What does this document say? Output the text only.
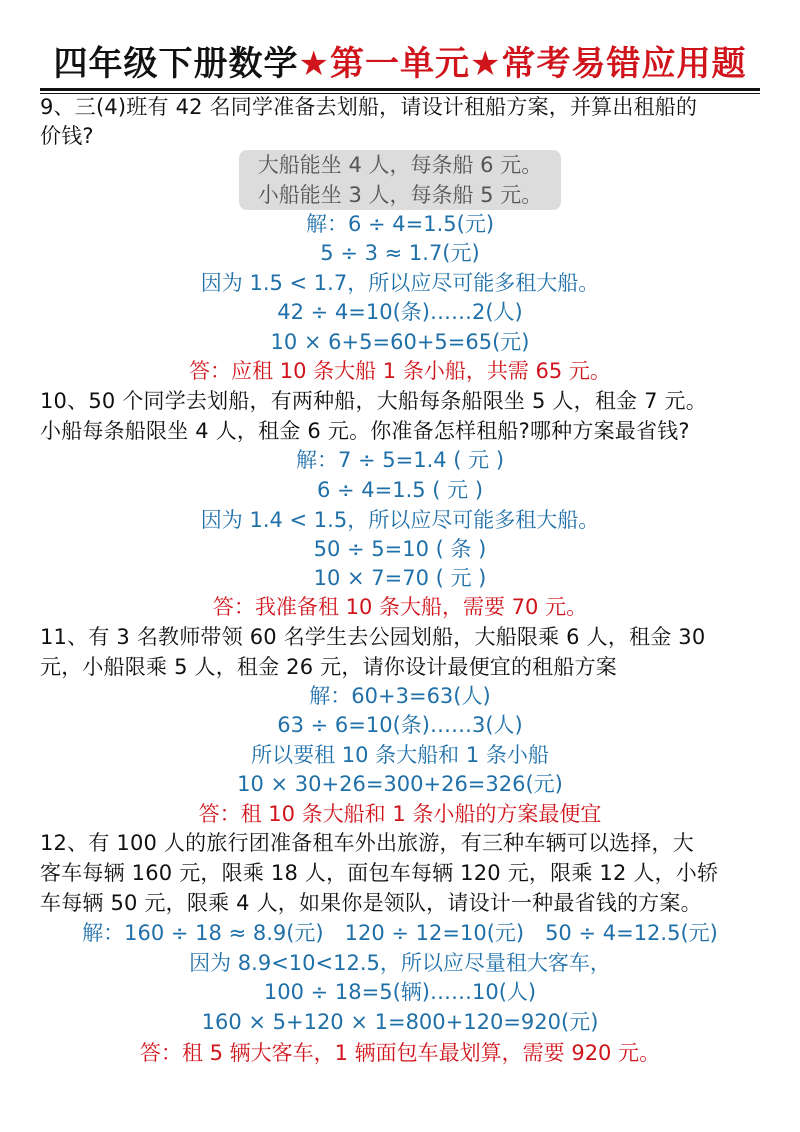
四年级下册数学★第一单元★常考易错应用题
9、三(4)班有 42 名同学准备去划船，请设计租船方案，并算出租船的
价钱?
大船能坐 4 人，每条船 6 元。
小船能坐 3 人，每条船 5 元。
解：6 ÷ 4=1.5(元)
5 ÷ 3 ≈ 1.7(元)
因为 1.5 < 1.7，所以应尽可能多租大船。
42 ÷ 4=10(条)……2(人)
10 × 6+5=60+5=65(元)
答：应租 10 条大船 1 条小船，共需 65 元。
10、50 个同学去划船，有两种船，大船每条船限坐 5 人，租金 7 元。
小船每条船限坐 4 人，租金 6 元。你准备怎样租船?哪种方案最省钱?
解：7 ÷ 5=1.4 ( 元 )
6 ÷ 4=1.5 ( 元 )
因为 1.4 < 1.5，所以应尽可能多租大船。
50 ÷ 5=10 ( 条 )
10 × 7=70 ( 元 )
答：我准备租 10 条大船，需要 70 元。
11、有 3 名教师带领 60 名学生去公园划船，大船限乘 6 人，租金 30
元，小船限乘 5 人，租金 26 元，请你设计最便宜的租船方案
解：60+3=63(人)
63 ÷ 6=10(条)……3(人)
所以要租 10 条大船和 1 条小船
10 × 30+26=300+26=326(元)
答：租 10 条大船和 1 条小船的方案最便宜
12、有 100 人的旅行团准备租车外出旅游，有三种车辆可以选择，大
客车每辆 160 元，限乘 18 人，面包车每辆 120 元，限乘 12 人，小轿
车每辆 50 元，限乘 4 人，如果你是领队，请设计一种最省钱的方案。
解：160 ÷ 18 ≈ 8.9(元)　120 ÷ 12=10(元)　50 ÷ 4=12.5(元)
因为 8.9<10<12.5，所以应尽量租大客车，
100 ÷ 18=5(辆)……10(人)
160 × 5+120 × 1=800+120=920(元)
答：租 5 辆大客车，1 辆面包车最划算，需要 920 元。
